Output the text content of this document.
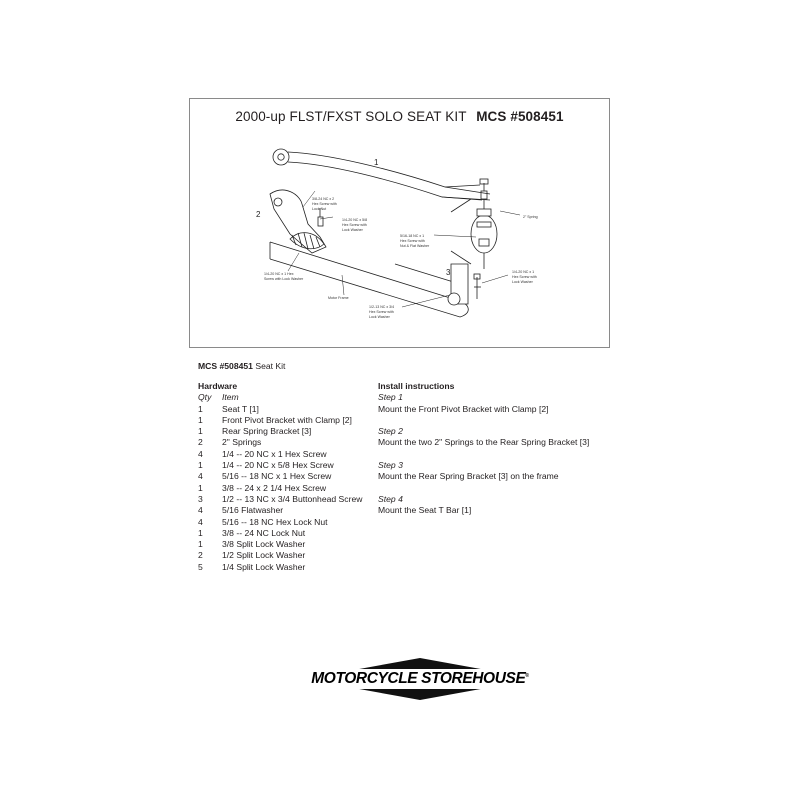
2000-up FLST/FXST SOLO SEAT KIT MCS #508451
1
2
3
3/8-24 NC x 2
Hex Screw with
Lock Nut
1/4-20 NC x 5/8
Hex Screw with
Lock Washer
5/16-18 NC x 1
Hex Screw with
Nut & Flat Washer
2" Spring
1/4-20 NC x 1 Hex
Screw with Lock Washer
Motor Frame
1/2-13 NC x 3/4
Hex Screw with
Lock Washer
1/4-20 NC x 1
Hex Screw with
Lock Washer
MCS #508451 Seat Kit
Hardware
Qty	Item
1	Seat T [1]
1	Front Pivot Bracket with Clamp [2]
1	Rear Spring Bracket [3]
2	2" Springs
4	1/4 -- 20 NC x 1 Hex Screw
1	1/4 -- 20 NC x 5/8 Hex Screw
4	5/16 -- 18 NC x 1 Hex Screw
1	3/8 -- 24 x 2 1/4 Hex Screw
3	1/2 -- 13 NC x 3/4 Buttonhead Screw
4	5/16 Flatwasher
4	5/16 -- 18 NC Hex Lock Nut
1	3/8 -- 24 NC Lock Nut
1	3/8 Split Lock Washer
2	1/2 Split Lock Washer
5	1/4 Split Lock Washer
Install instructions
Step 1
Mount the Front Pivot Bracket with Clamp [2]
Step 2
Mount the two 2" Springs to the Rear Spring Bracket [3]
Step 3
Mount the Rear Spring Bracket [3] on the frame
Step 4
Mount the Seat T Bar [1]
MOTORCYCLE STOREHOUSE®
